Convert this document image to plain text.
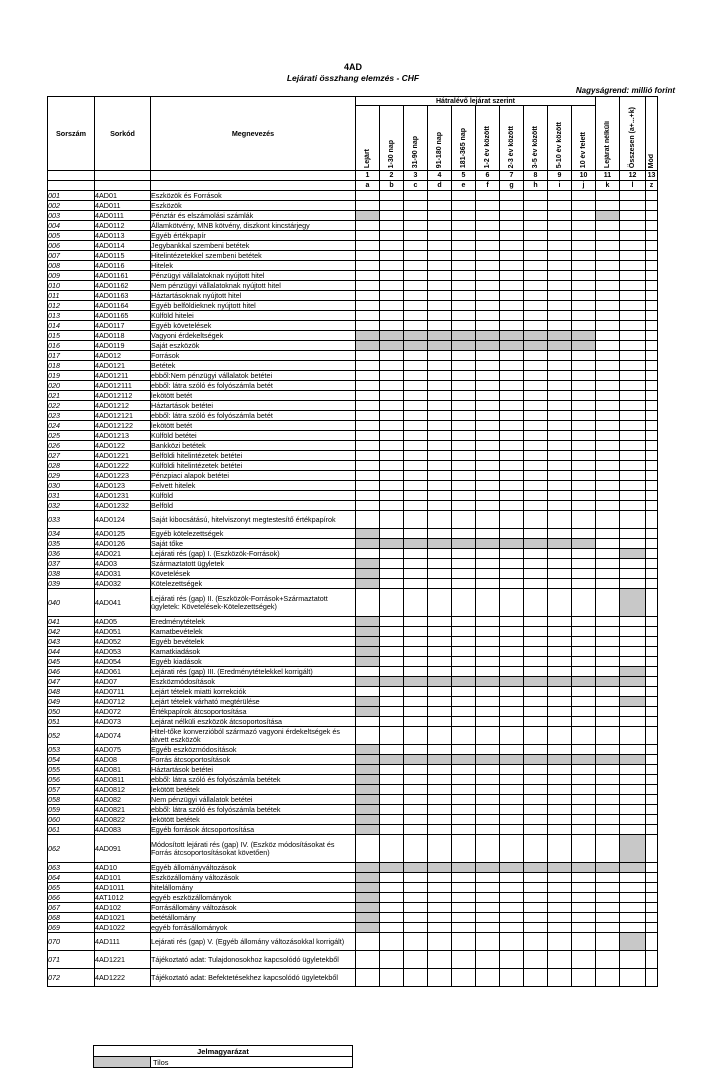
4AD
Lejárati összhang elemzés - CHF
Nagyságrend: millió forint
Sorszám	Sorkód	Megnevezés	Hátralévő lejárat szerint										Lejárat nélküli	Összesen (a+...+k)	Mód
			Lejárt	1-30 nap	31-90 nap	91-180 nap	181-365 nap	1-2 év között	2-3 év között	3-5 év között	5-10 év között	10 év felett			
			1	2	3	4	5	6	7	8	9	10	11	12	13
			a	b	c	d	e	f	g	h	i	j	k	l	z
001	4AD01	Eszközök és Források													
002	4AD011	Eszközök													
003	4AD0111	Pénztár és elszámolási számlák													
004	4AD0112	Államkötvény, MNB kötvény, diszkont kincstárjegy													
005	4AD0113	Egyéb értékpapír													
006	4AD0114	Jegybankkal szembeni betétek													
007	4AD0115	Hitelintézetekkel szembeni betétek													
008	4AD0116	Hitelek													
009	4AD01161	Pénzügyi vállalatoknak nyújtott hitel													
010	4AD01162	Nem pénzügyi vállalatoknak nyújtott hitel													
011	4AD01163	Háztartásoknak nyújtott hitel													
012	4AD01164	Egyéb belföldieknek nyújtott hitel													
013	4AD01165	Külföld hitelei													
014	4AD0117	Egyéb követelések													
015	4AD0118	Vagyoni érdekeltségek													
016	4AD0119	Saját eszközök													
017	4AD012	Források													
018	4AD0121	Betétek													
019	4AD01211	ebből:Nem pénzügyi vállalatok betétei													
020	4AD012111	ebből: látra szóló és folyószámla betét													
021	4AD012112	lekötött betét													
022	4AD01212	Háztartások betétei													
023	4AD012121	ebből: látra szóló és folyószámla betét													
024	4AD012122	lekötött betét													
025	4AD01213	Külföld betétei													
026	4AD0122	Bankközi betétek													
027	4AD01221	Belföldi hitelintézetek betétei													
028	4AD01222	Külföldi hitelintézetek betétei													
029	4AD01223	Pénzpiaci alapok betétei													
030	4AD0123	Felvett hitelek													
031	4AD01231	Külföld													
032	4AD01232	Belföld													
033	4AD0124	Saját kibocsátású, hitelviszonyt megtestesítő értékpapírok													
034	4AD0125	Egyéb kötelezettségek													
035	4AD0126	Saját tőke													
036	4AD021	Lejárati rés (gap) I. (Eszközök-Források)													
037	4AD03	Származtatott ügyletek													
038	4AD031	Követelések													
039	4AD032	Kötelezettségek													
040	4AD041	Lejárati rés (gap) II. (Eszközök-Források+Származtatott ügyletek: Követelések-Kötelezettségek)													
041	4AD05	Eredménytételek													
042	4AD051	Kamatbevételek													
043	4AD052	Egyéb bevételek													
044	4AD053	Kamatkiadások													
045	4AD054	Egyéb kiadások													
046	4AD061	Lejárati rés (gap) III. (Eredménytételekkel korrigált)													
047	4AD07	Eszközmódosítások													
048	4AD0711	Lejárt tételek miatti korrekciók													
049	4AD0712	Lejárt tételek várható megtérülése													
050	4AD072	Értékpapírok átcsoportosítása													
051	4AD073	Lejárat nélküli eszközök átcsoportosítása													
052	4AD074	Hitel-tőke konverzióból származó vagyoni érdekeltségek és átvett eszközök													
053	4AD075	Egyéb eszközmódosítások													
054	4AD08	Forrás átcsoportosítások													
055	4AD081	Háztartások betétei													
056	4AD0811	ebből: látra szóló és folyószámla betétek													
057	4AD0812	lekötött betétek													
058	4AD082	Nem pénzügyi vállalatok betétei													
059	4AD0821	ebből: látra szóló és folyószámla betétek													
060	4AD0822	lekötött betétek													
061	4AD083	Egyéb források átcsoportosítása													
062	4AD091	Módosított lejárati rés (gap) IV. (Eszköz módosításokat és Forrás átcsoportosításokat követően)													
063	4AD10	Egyéb állományváltozások													
064	4AD101	Eszközállomány változások													
065	4AD1011	hitelállomány													
066	4AT1012	egyéb eszközállományok													
067	4AD102	Forrásállomány változások													
068	4AD1021	betétállomány													
069	4AD1022	egyéb forrásállományok													
070	4AD111	Lejárati rés (gap) V. (Egyéb állomány változásokkal korrigált)													
071	4AD1221	Tájékoztató adat: Tulajdonosokhoz kapcsolódó ügyletekből													
072	4AD1222	Tájékoztató adat: Befektetésekhez kapcsolódó ügyletekből													
Jelmagyarázat
	Tilos
